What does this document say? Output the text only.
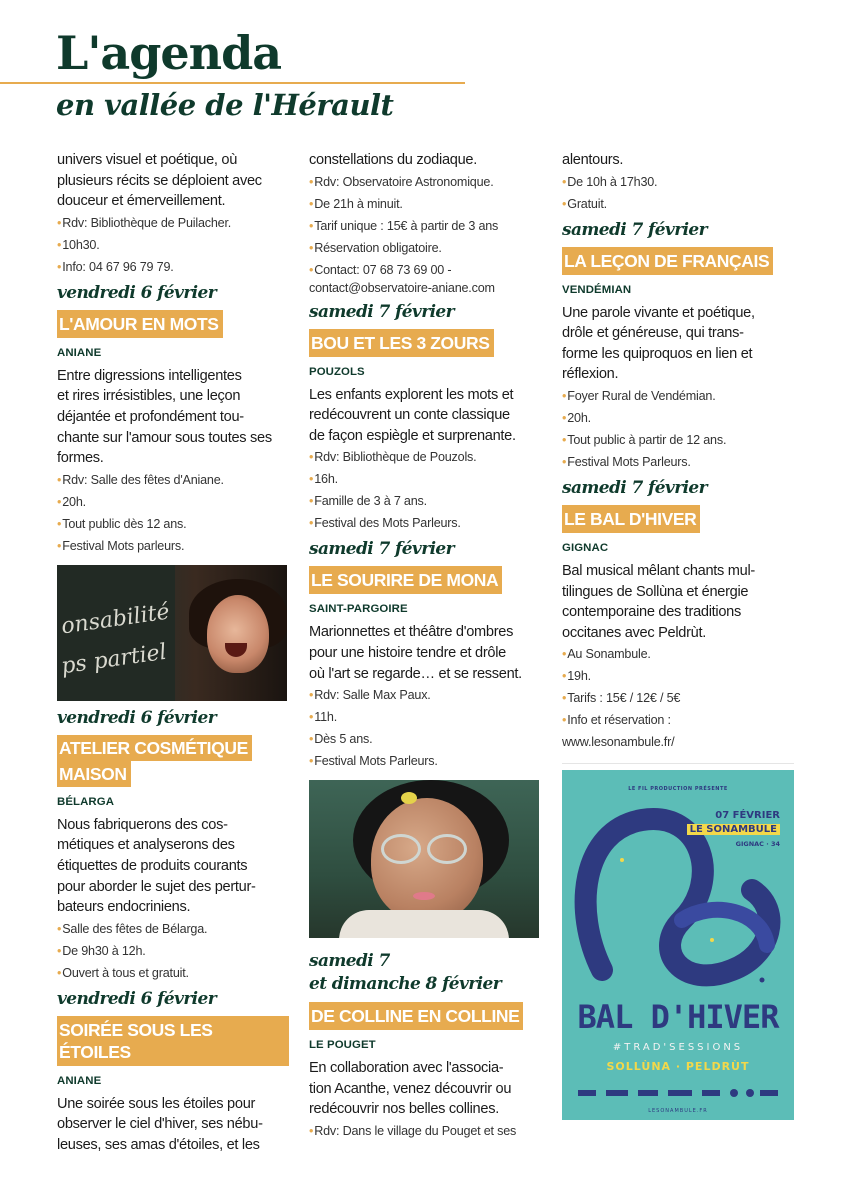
L'agenda
en vallée de l'Hérault
univers visuel et poétique, où
plusieurs récits se déploient avec
douceur et émerveillement.
• Rdv: Bibliothèque de Puilacher.
• 10h30.
• Info: 04 67 96 79 79.
vendredi 6 février
L'AMOUR EN MOTS
ANIANE
Entre digressions intelligentes
et rires irrésistibles, une leçon
déjantée et profondément tou-
chante sur l'amour sous toutes ses
formes.
• Rdv: Salle des fêtes d'Aniane.
• 20h.
• Tout public dès 12 ans.
• Festival Mots parleurs.
onsabilité
ps partiel
vendredi 6 février
ATELIER COSMÉTIQUE
MAISON
BÉLARGA
Nous fabriquerons des cos-
métiques et analyserons des
étiquettes de produits courants
pour aborder le sujet des pertur-
bateurs endocriniens.
• Salle des fêtes de Bélarga.
• De 9h30 à 12h.
• Ouvert à tous et gratuit.
vendredi 6 février
SOIRÉE SOUS LES ÉTOILES
ANIANE
Une soirée sous les étoiles pour
observer le ciel d'hiver, ses nébu-
leuses, ses amas d'étoiles, et les
constellations du zodiaque.
• Rdv: Observatoire Astronomique.
• De 21h à minuit.
• Tarif unique : 15€ à partir de 3 ans
• Réservation obligatoire.
• Contact: 07 68 73 69 00 -
contact@observatoire-aniane.com
samedi 7 février
BOU ET LES 3 ZOURS
POUZOLS
Les enfants explorent les mots et
redécouvrent un conte classique
de façon espiègle et surprenante.
• Rdv: Bibliothèque de Pouzols.
• 16h.
• Famille de 3 à 7 ans.
• Festival des Mots Parleurs.
samedi 7 février
LE SOURIRE DE MONA
SAINT-PARGOIRE
Marionnettes et théâtre d'ombres
pour une histoire tendre et drôle
où l'art se regarde… et se ressent.
• Rdv: Salle Max Paux.
• 11h.
• Dès 5 ans.
• Festival Mots Parleurs.
samedi 7
et dimanche 8 février
DE COLLINE EN COLLINE
LE POUGET
En collaboration avec l'associa-
tion Acanthe, venez découvrir ou
redécouvrir nos belles collines.
• Rdv: Dans le village du Pouget et ses
alentours.
• De 10h à 17h30.
• Gratuit.
samedi 7 février
LA LEÇON DE FRANÇAIS
VENDÉMIAN
Une parole vivante et poétique,
drôle et généreuse, qui trans-
forme les quiproquos en lien et
réflexion.
• Foyer Rural de Vendémian.
• 20h.
• Tout public à partir de 12 ans.
• Festival Mots Parleurs.
samedi 7 février
LE BAL D'HIVER
GIGNAC
Bal musical mêlant chants mul-
tilingues de Sollùna et énergie
contemporaine des traditions
occitanes avec Peldrùt.
• Au Sonambule.
• 19h.
• Tarifs : 15€ / 12€ / 5€
• Info et réservation :
www.lesonambule.fr/
LE FIL PRODUCTION PRÉSENTE
07 FÉVRIER
LE SONAMBULE
GIGNAC · 34
BAL D'HIVER
#TRAD'SESSIONS
SOLLÙNA · PELDRÙT
LESONAMBULE.FR
